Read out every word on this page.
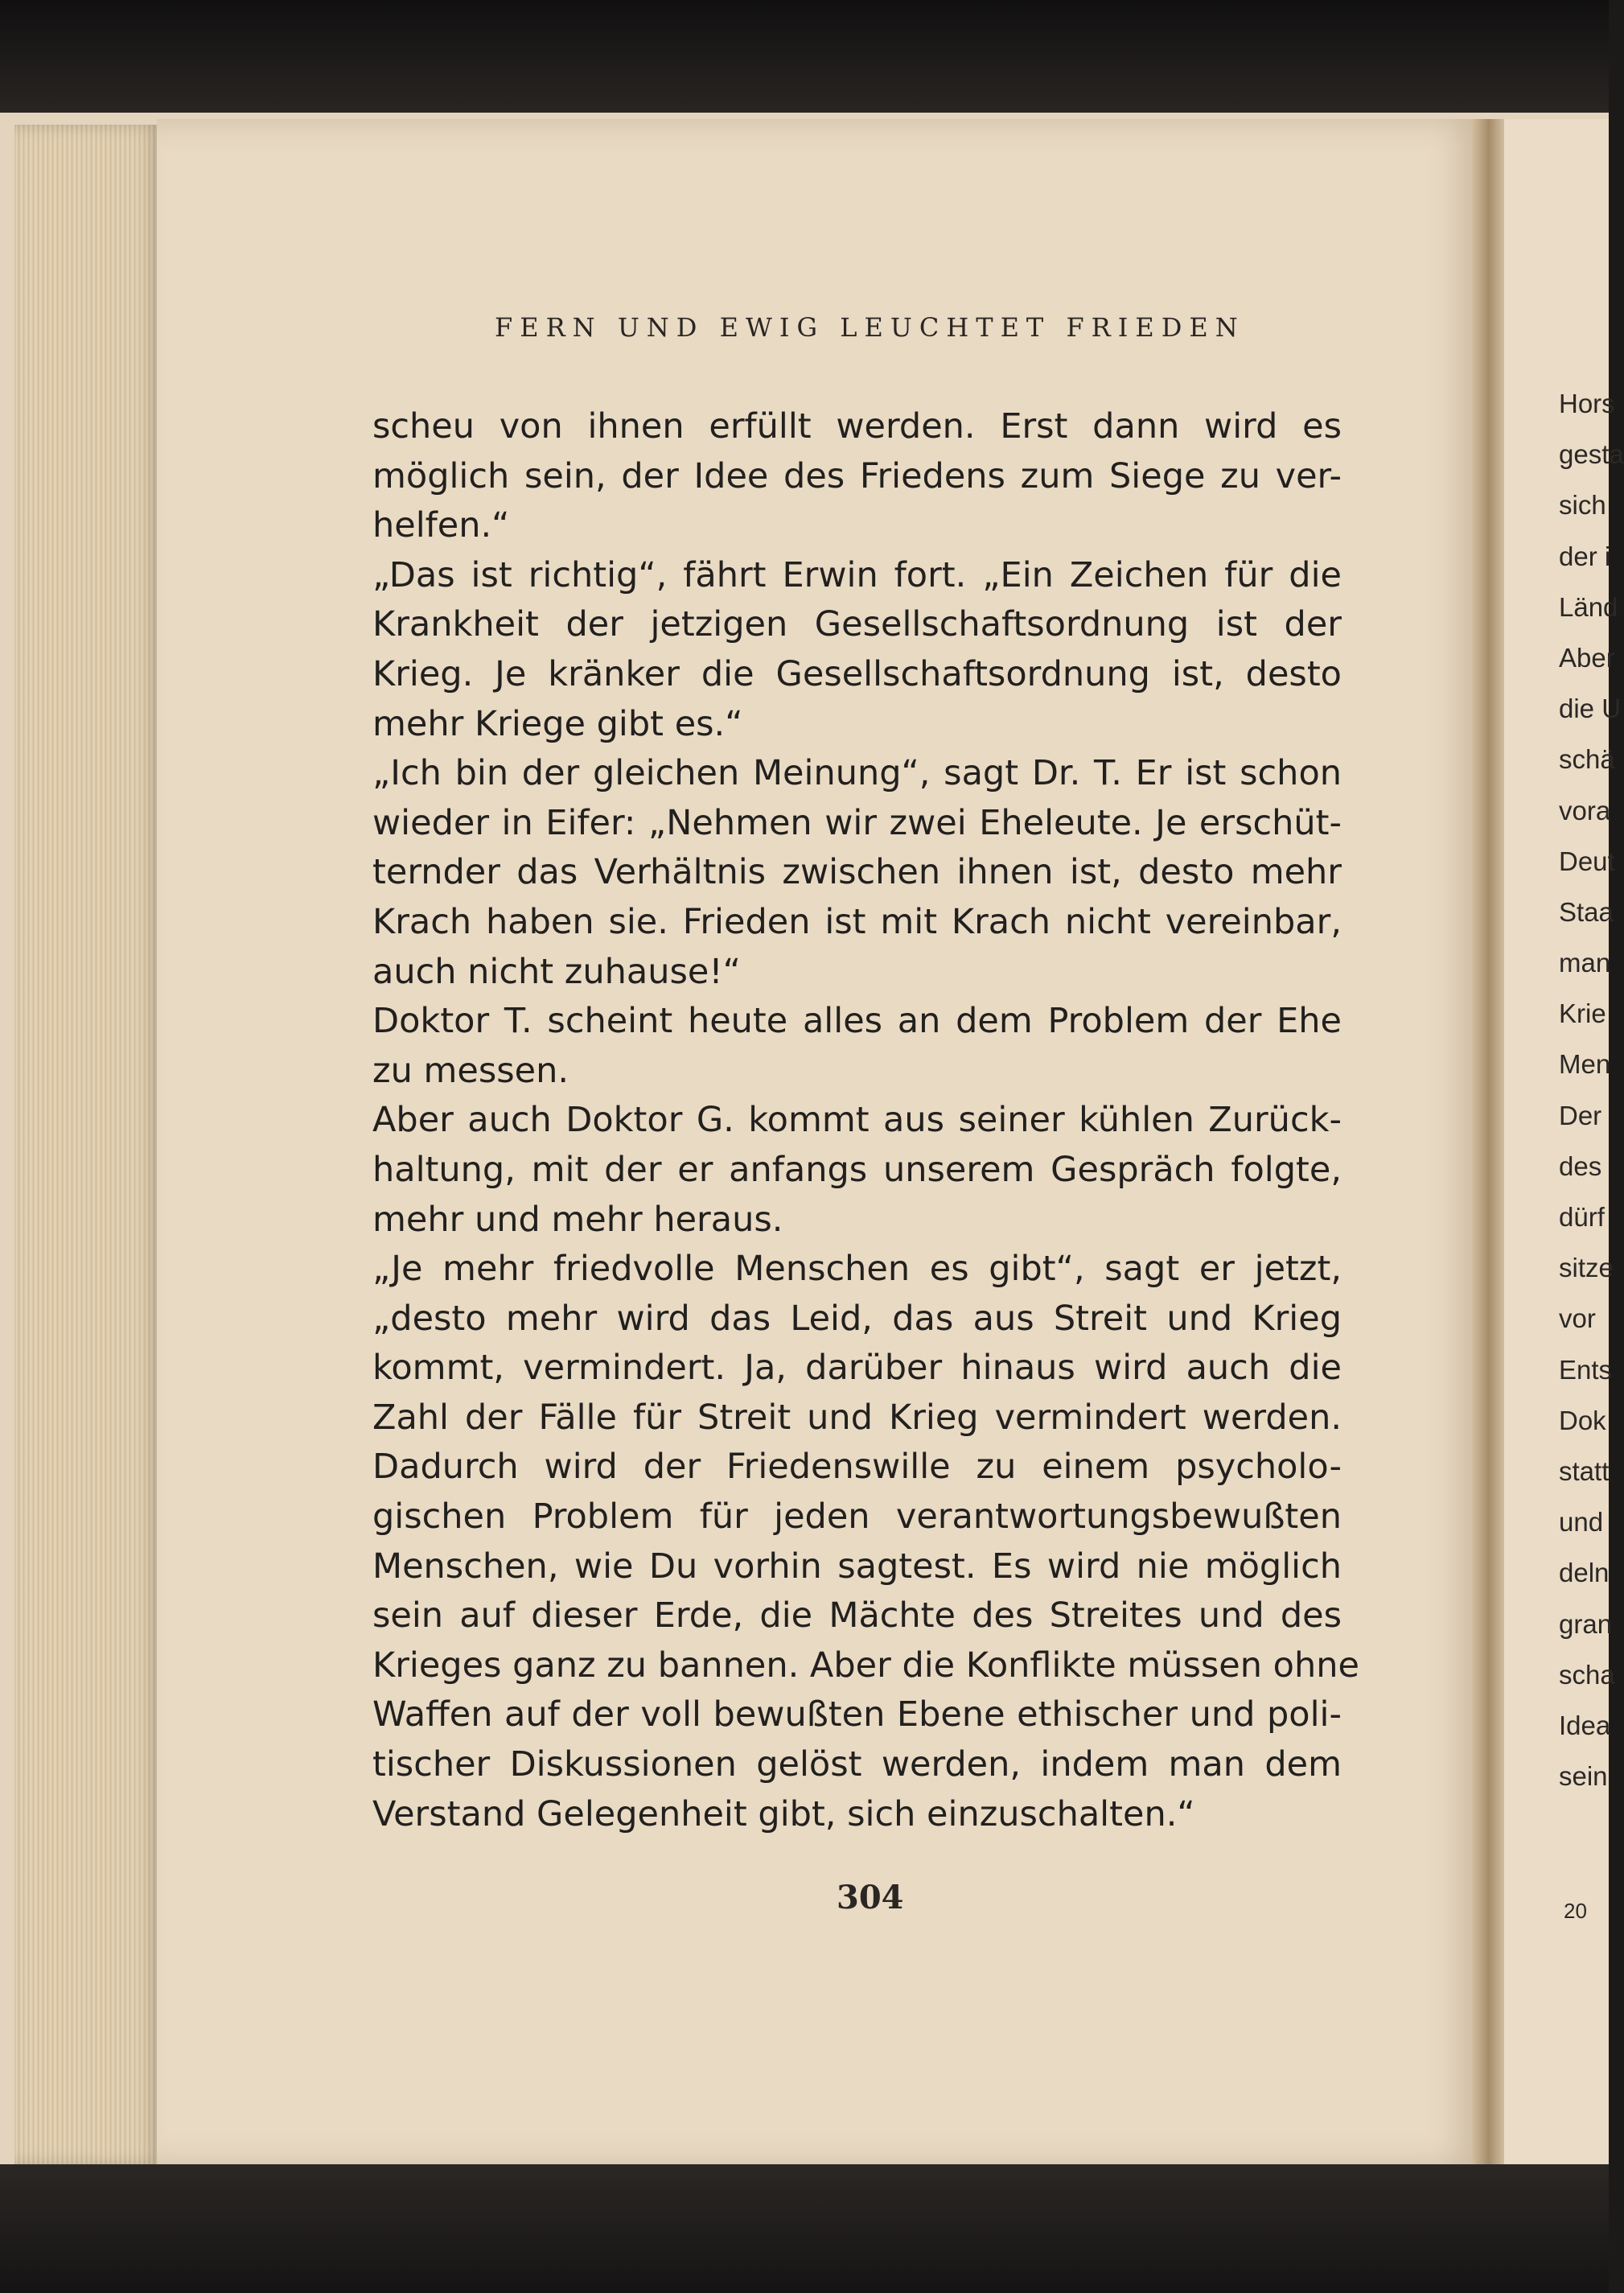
FERN UND EWIG LEUCHTET FRIEDEN
scheu von ihnen erfüllt werden. Erst dann wird es
möglich sein, der Idee des Friedens zum Siege zu ver-
helfen.“
„Das ist richtig“, fährt Erwin fort. „Ein Zeichen für die
Krankheit der jetzigen Gesellschaftsordnung ist der
Krieg. Je kränker die Gesellschaftsordnung ist, desto
mehr Kriege gibt es.“
„Ich bin der gleichen Meinung“, sagt Dr. T. Er ist schon
wieder in Eifer: „Nehmen wir zwei Eheleute. Je erschüt-
ternder das Verhältnis zwischen ihnen ist, desto mehr
Krach haben sie. Frieden ist mit Krach nicht vereinbar,
auch nicht zuhause!“
Doktor T. scheint heute alles an dem Problem der Ehe
zu messen.
Aber auch Doktor G. kommt aus seiner kühlen Zurück-
haltung, mit der er anfangs unserem Gespräch folgte,
mehr und mehr heraus.
„Je mehr friedvolle Menschen es gibt“, sagt er jetzt,
„desto mehr wird das Leid, das aus Streit und Krieg
kommt, vermindert. Ja, darüber hinaus wird auch die
Zahl der Fälle für Streit und Krieg vermindert werden.
Dadurch wird der Friedenswille zu einem psycholo-
gischen Problem für jeden verantwortungsbewußten
Menschen, wie Du vorhin sagtest. Es wird nie möglich
sein auf dieser Erde, die Mächte des Streites und des
Krieges ganz zu bannen. Aber die Konflikte müssen ohne
Waffen auf der voll bewußten Ebene ethischer und poli-
tischer Diskussionen gelöst werden, indem man dem
Verstand Gelegenheit gibt, sich einzuschalten.“
304
Hors
gesta
sich
der i
Länd
Aber
die U
schä
vora
Deut
Staa
man
Krie
Men
Der
des
dürf
sitze
vor
Ents
Dok
statt
und
deln
gran
scha
Idea
sein
20
